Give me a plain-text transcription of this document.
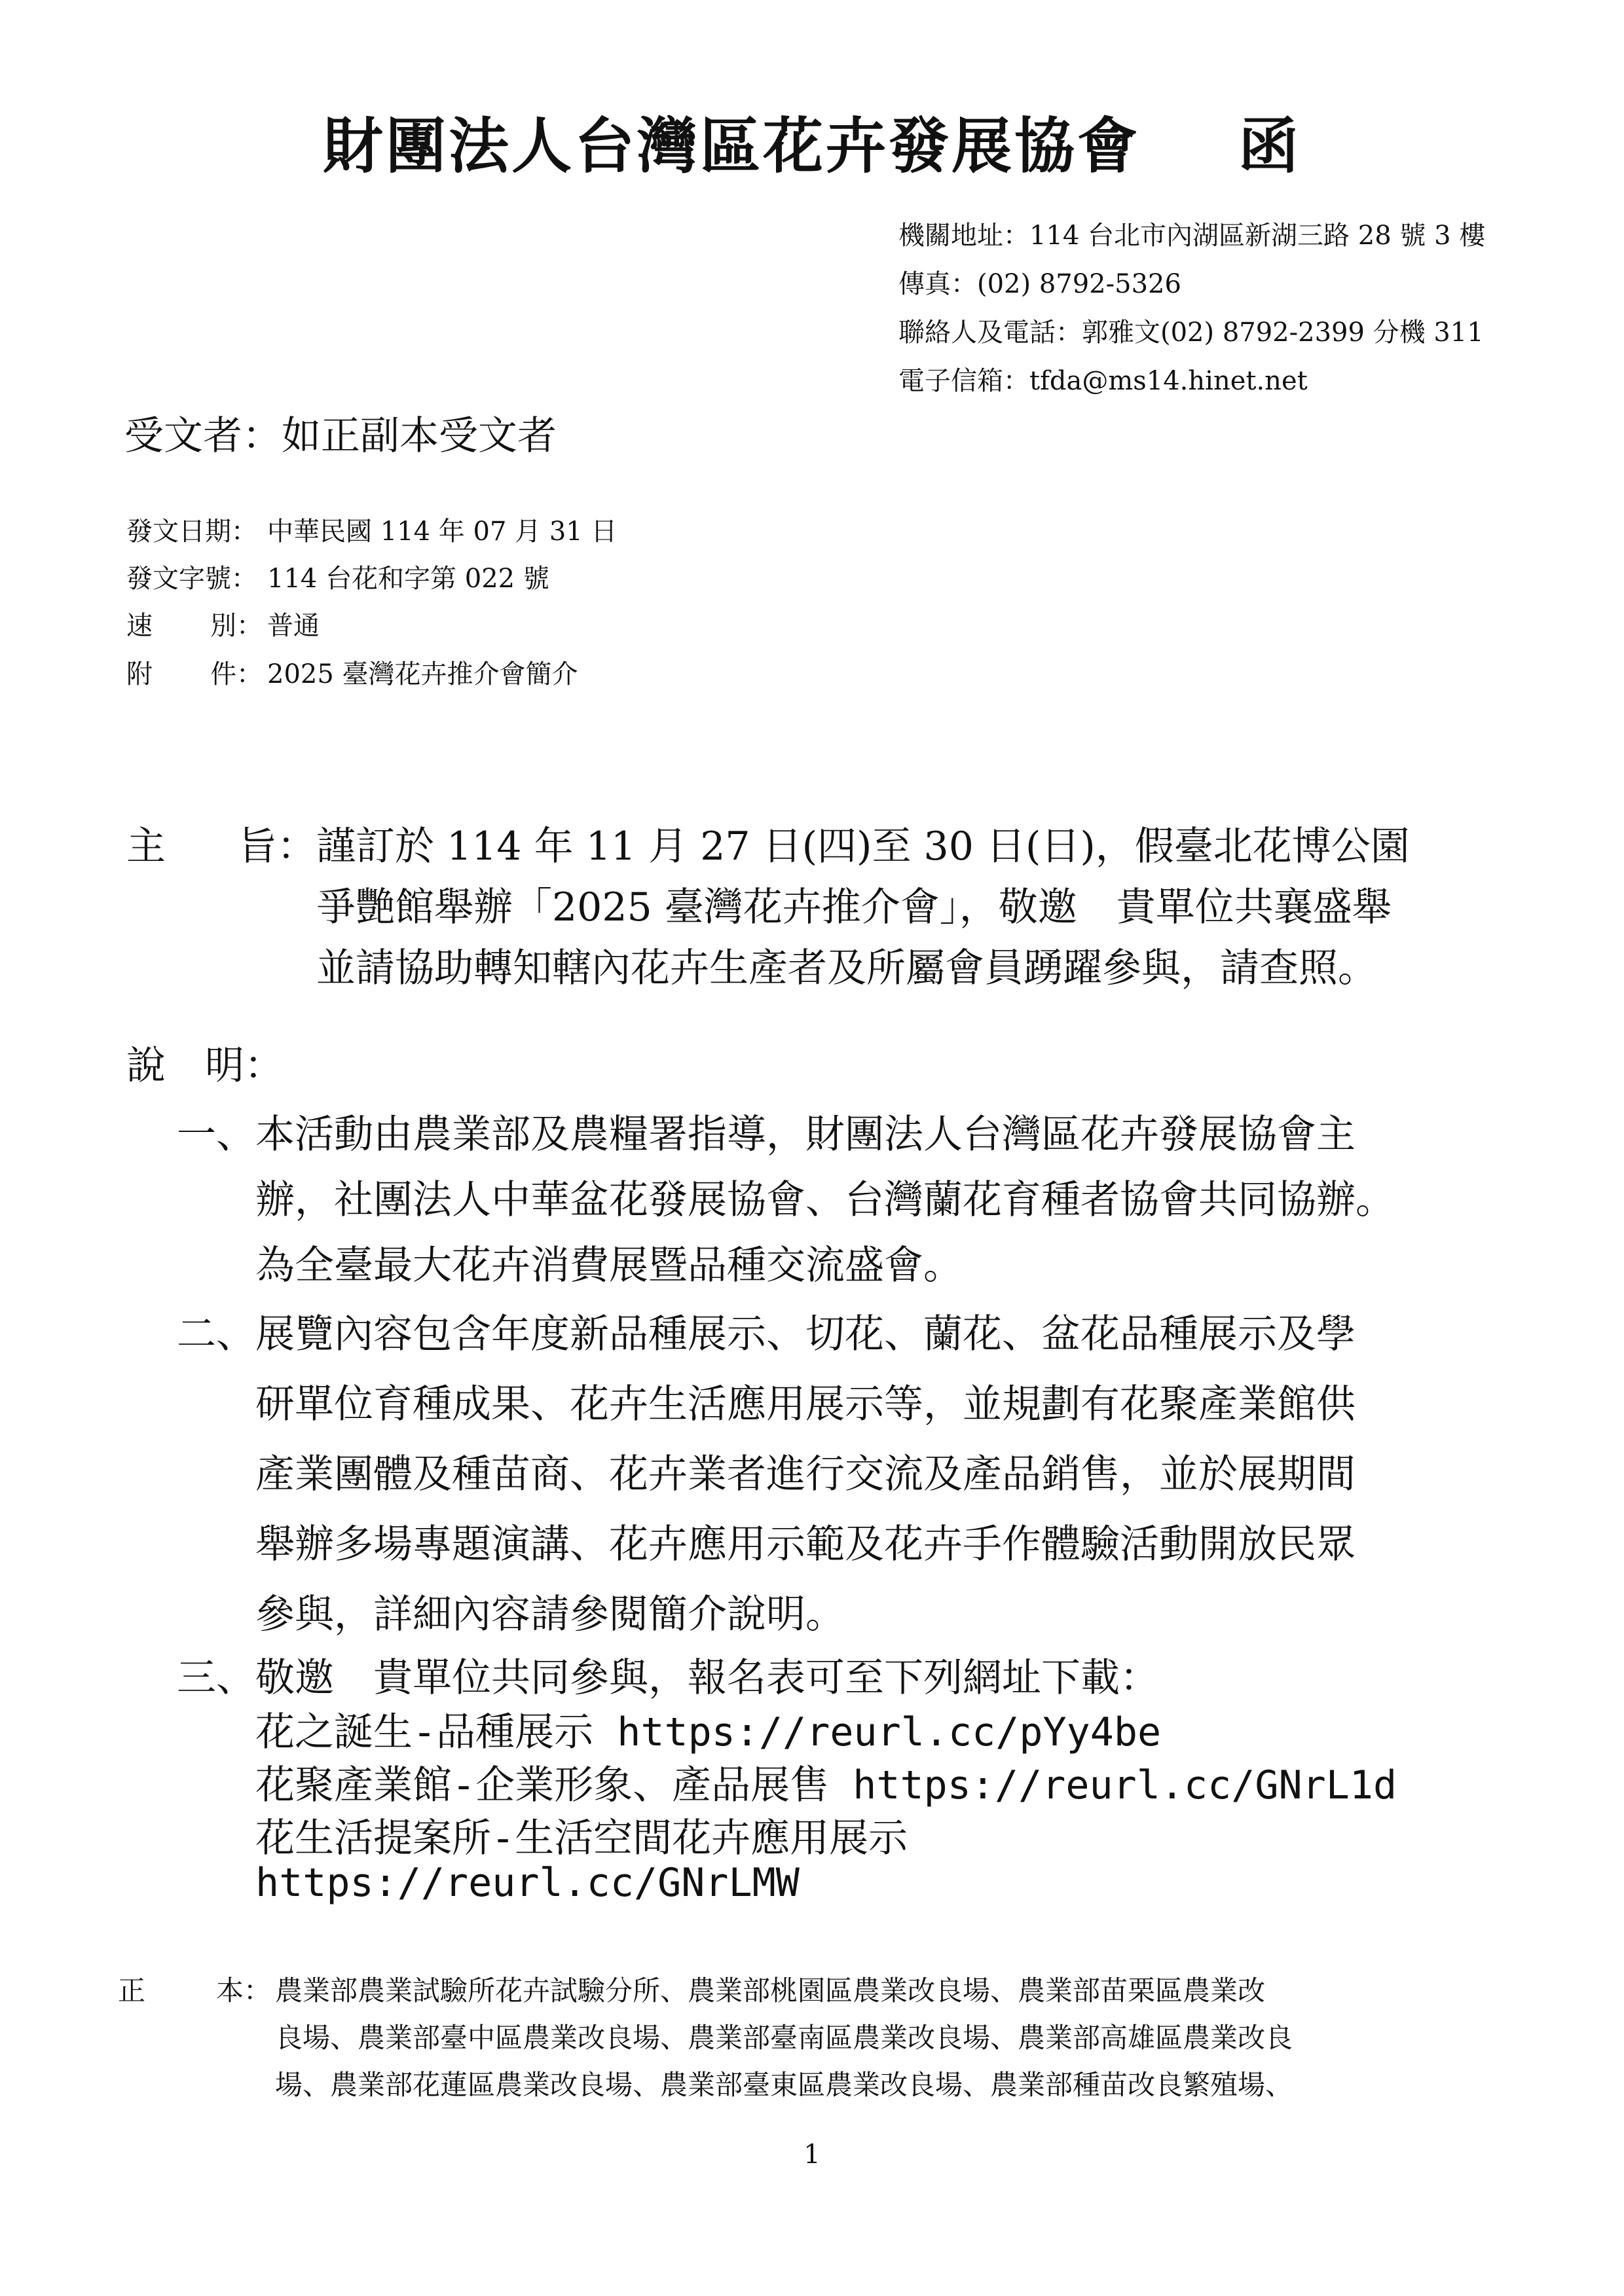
財團法人台灣區花卉發展協會 函
機關地址：114 台北市內湖區新湖三路 28 號 3 樓
傳真：(02) 8792-5326
聯絡人及電話：郭雅文(02) 8792-2399 分機 311
電子信箱：tfda@ms14.hinet.net
受文者：如正副本受文者
發文日期： 中華民國 114 年 07 月 31 日
發文字號： 114 台花和字第 022 號
速 別： 普通
附 件： 2025 臺灣花卉推介會簡介
主 旨： 謹訂於 114 年 11 月 27 日(四)至 30 日(日)，假臺北花博公園
爭艷館舉辦「2025 臺灣花卉推介會」，敬邀　貴單位共襄盛舉
並請協助轉知轄內花卉生產者及所屬會員踴躍參與，請查照。
說　明：
一、本活動由農業部及農糧署指導，財團法人台灣區花卉發展協會主
辦，社團法人中華盆花發展協會、台灣蘭花育種者協會共同協辦。
為全臺最大花卉消費展暨品種交流盛會。
二、展覽內容包含年度新品種展示、切花、蘭花、盆花品種展示及學
研單位育種成果、花卉生活應用展示等，並規劃有花聚產業館供
產業團體及種苗商、花卉業者進行交流及產品銷售，並於展期間
舉辦多場專題演講、花卉應用示範及花卉手作體驗活動開放民眾
參與，詳細內容請參閱簡介說明。
三、敬邀　貴單位共同參與，報名表可至下列網址下載：
花之誕生-品種展示 https://reurl.cc/pYy4be
花聚產業館-企業形象、產品展售 https://reurl.cc/GNrL1d
花生活提案所-生活空間花卉應用展示
https://reurl.cc/GNrLMW
正	本： 農業部農業試驗所花卉試驗分所、農業部桃園區農業改良場、農業部苗栗區農業改
良場、農業部臺中區農業改良場、農業部臺南區農業改良場、農業部高雄區農業改良
場、農業部花蓮區農業改良場、農業部臺東區農業改良場、農業部種苗改良繁殖場、
1
